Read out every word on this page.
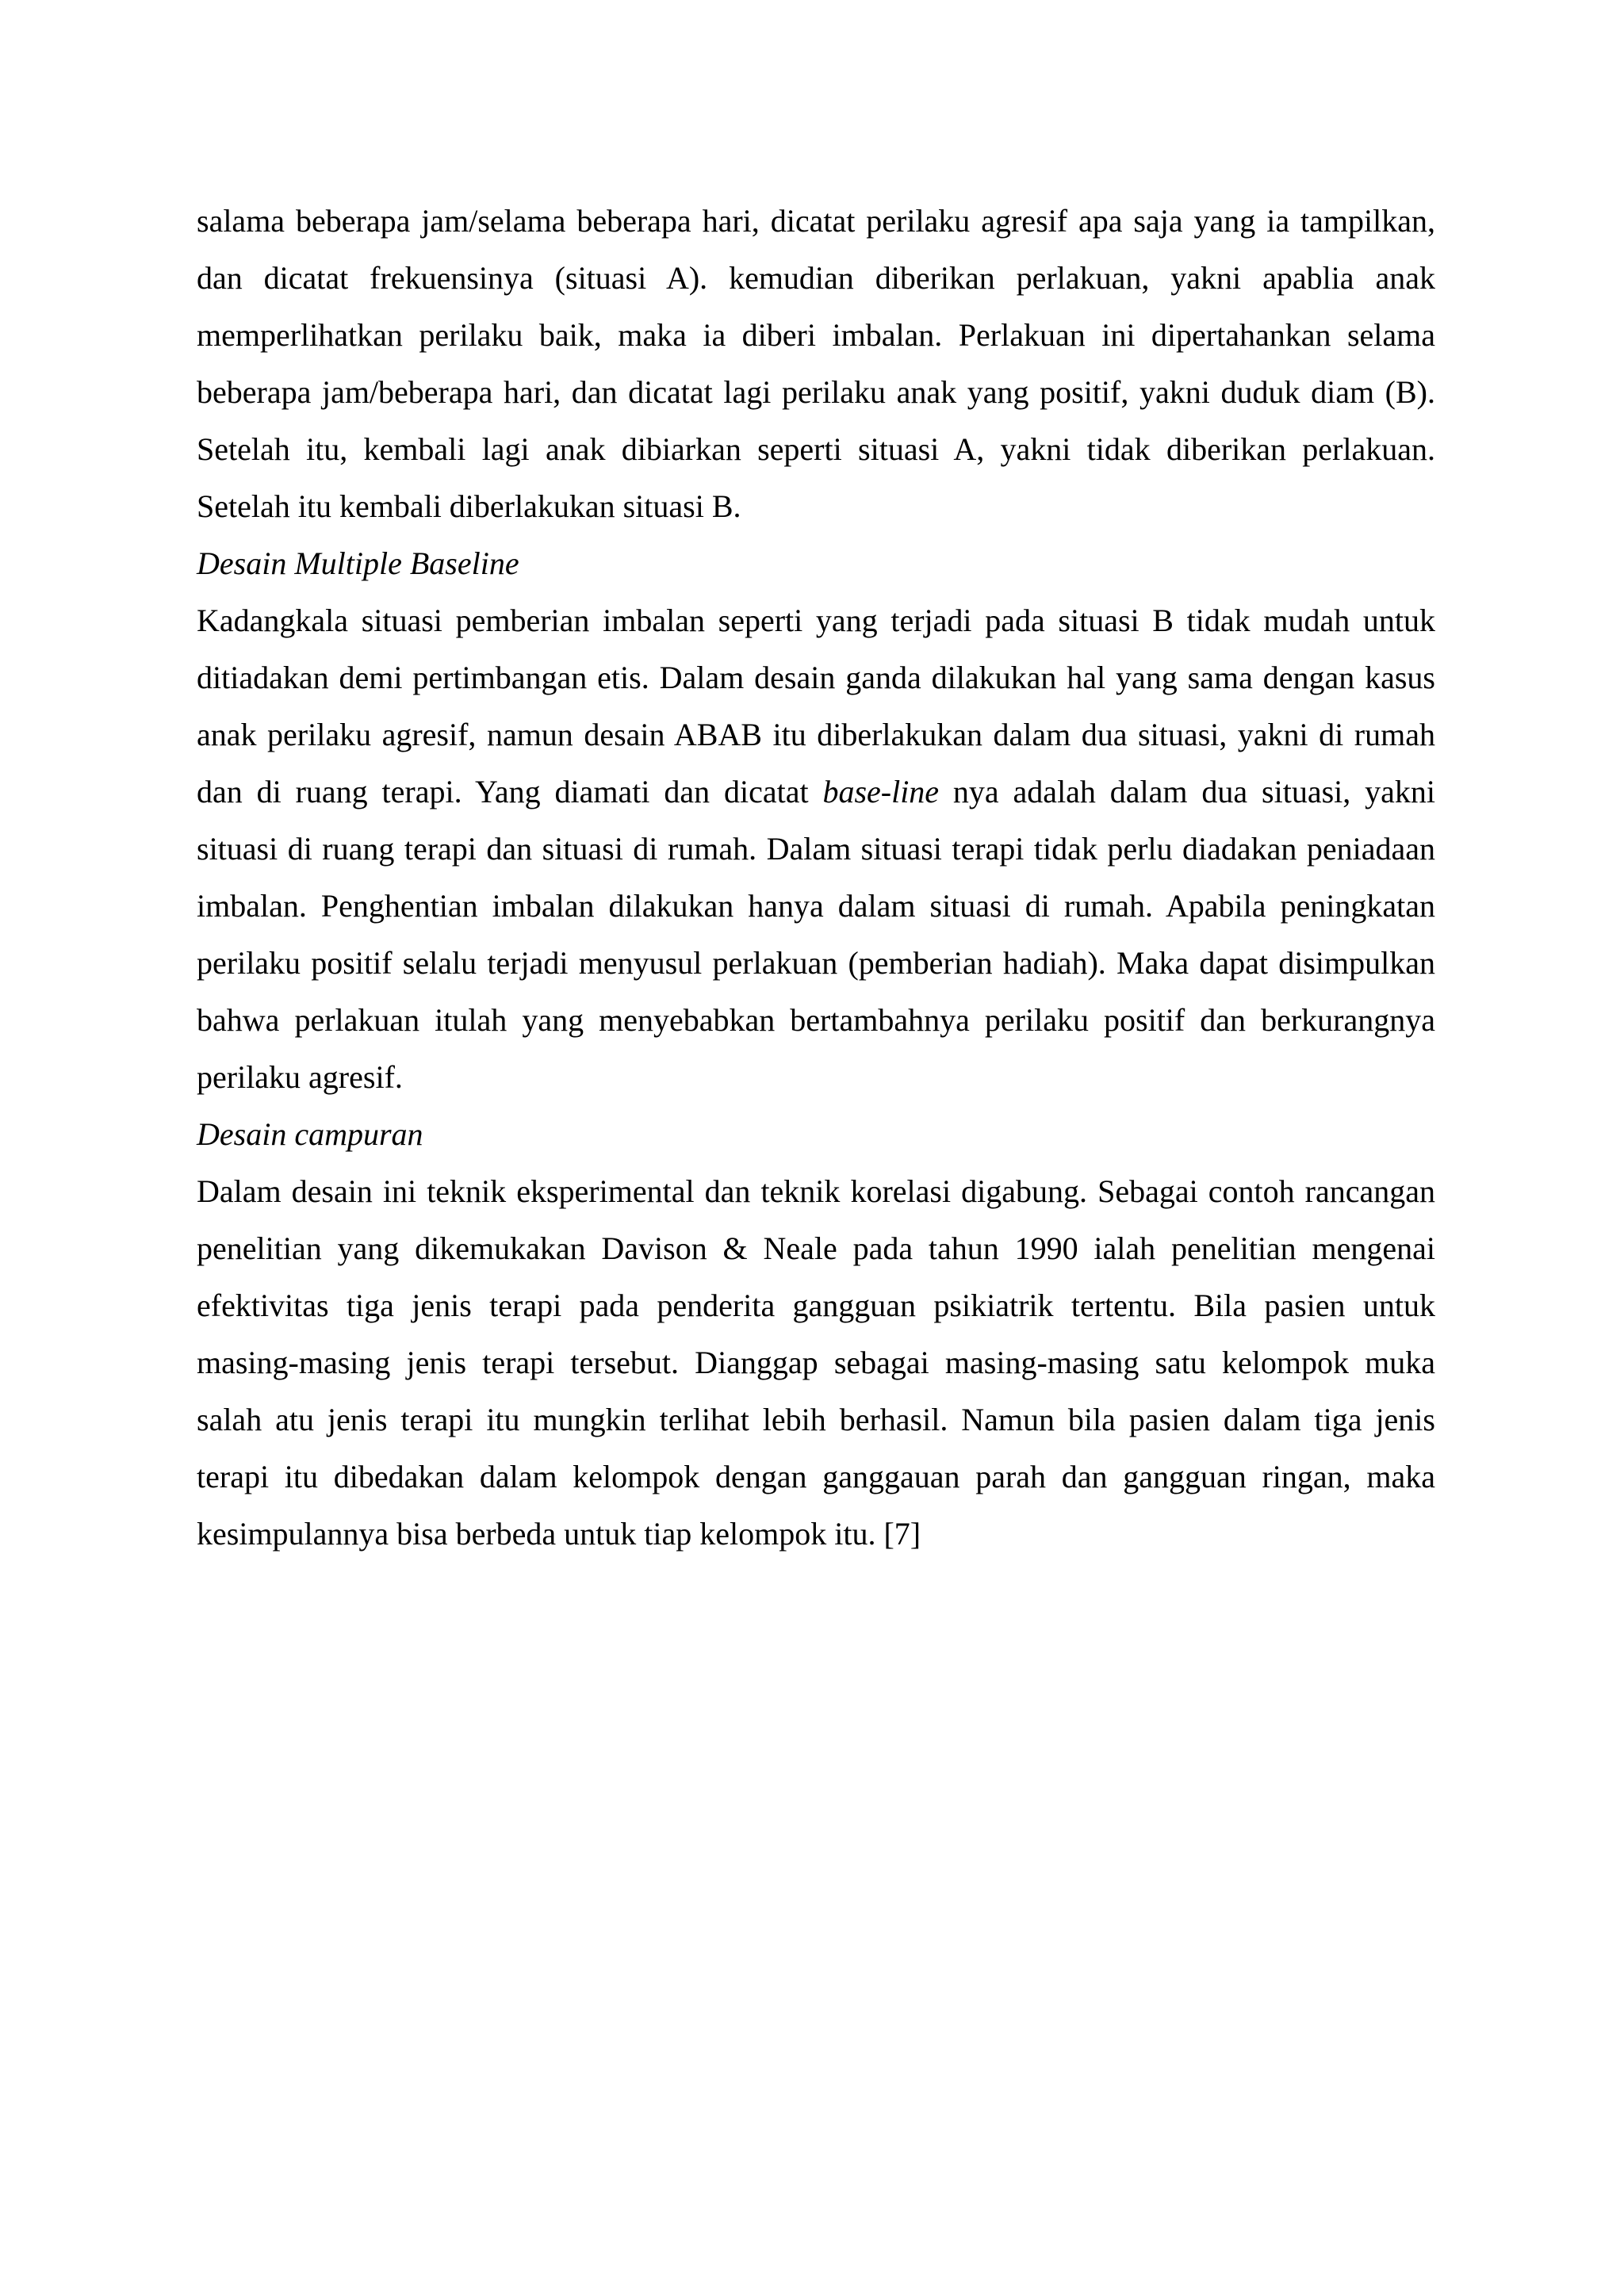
salama beberapa jam/selama beberapa hari, dicatat perilaku agresif apa saja yang ia tampilkan, dan dicatat frekuensinya (situasi A). kemudian diberikan perlakuan, yakni apablia anak memperlihatkan perilaku baik, maka ia diberi imbalan. Perlakuan ini dipertahankan selama beberapa jam/beberapa hari, dan dicatat lagi perilaku anak yang positif, yakni duduk diam (B). Setelah itu, kembali lagi anak dibiarkan seperti situasi A, yakni tidak diberikan perlakuan. Setelah itu kembali diberlakukan situasi B.

Desain Multiple Baseline

Kadangkala situasi pemberian imbalan seperti yang terjadi pada situasi B tidak mudah untuk ditiadakan demi pertimbangan etis. Dalam desain ganda dilakukan hal yang sama dengan kasus anak perilaku agresif, namun desain ABAB itu diberlakukan dalam dua situasi, yakni di rumah dan di ruang terapi. Yang diamati dan dicatat base-line nya adalah dalam dua situasi, yakni situasi di ruang terapi dan situasi di rumah. Dalam situasi terapi tidak perlu diadakan peniadaan imbalan. Penghentian imbalan dilakukan hanya dalam situasi di rumah. Apabila peningkatan perilaku positif selalu terjadi menyusul perlakuan (pemberian hadiah). Maka dapat disimpulkan bahwa perlakuan itulah yang menyebabkan bertambahnya perilaku positif dan berkurangnya perilaku agresif.

Desain campuran

Dalam desain ini teknik eksperimental dan teknik korelasi digabung. Sebagai contoh rancangan penelitian yang dikemukakan Davison & Neale pada tahun 1990 ialah penelitian mengenai efektivitas tiga jenis terapi pada penderita gangguan psikiatrik tertentu. Bila pasien untuk masing-masing jenis terapi tersebut. Dianggap sebagai masing-masing satu kelompok muka salah atu jenis terapi itu mungkin terlihat lebih berhasil. Namun bila pasien dalam tiga jenis terapi itu dibedakan dalam kelompok dengan ganggauan parah dan gangguan ringan, maka kesimpulannya bisa berbeda untuk tiap kelompok itu. [7]
